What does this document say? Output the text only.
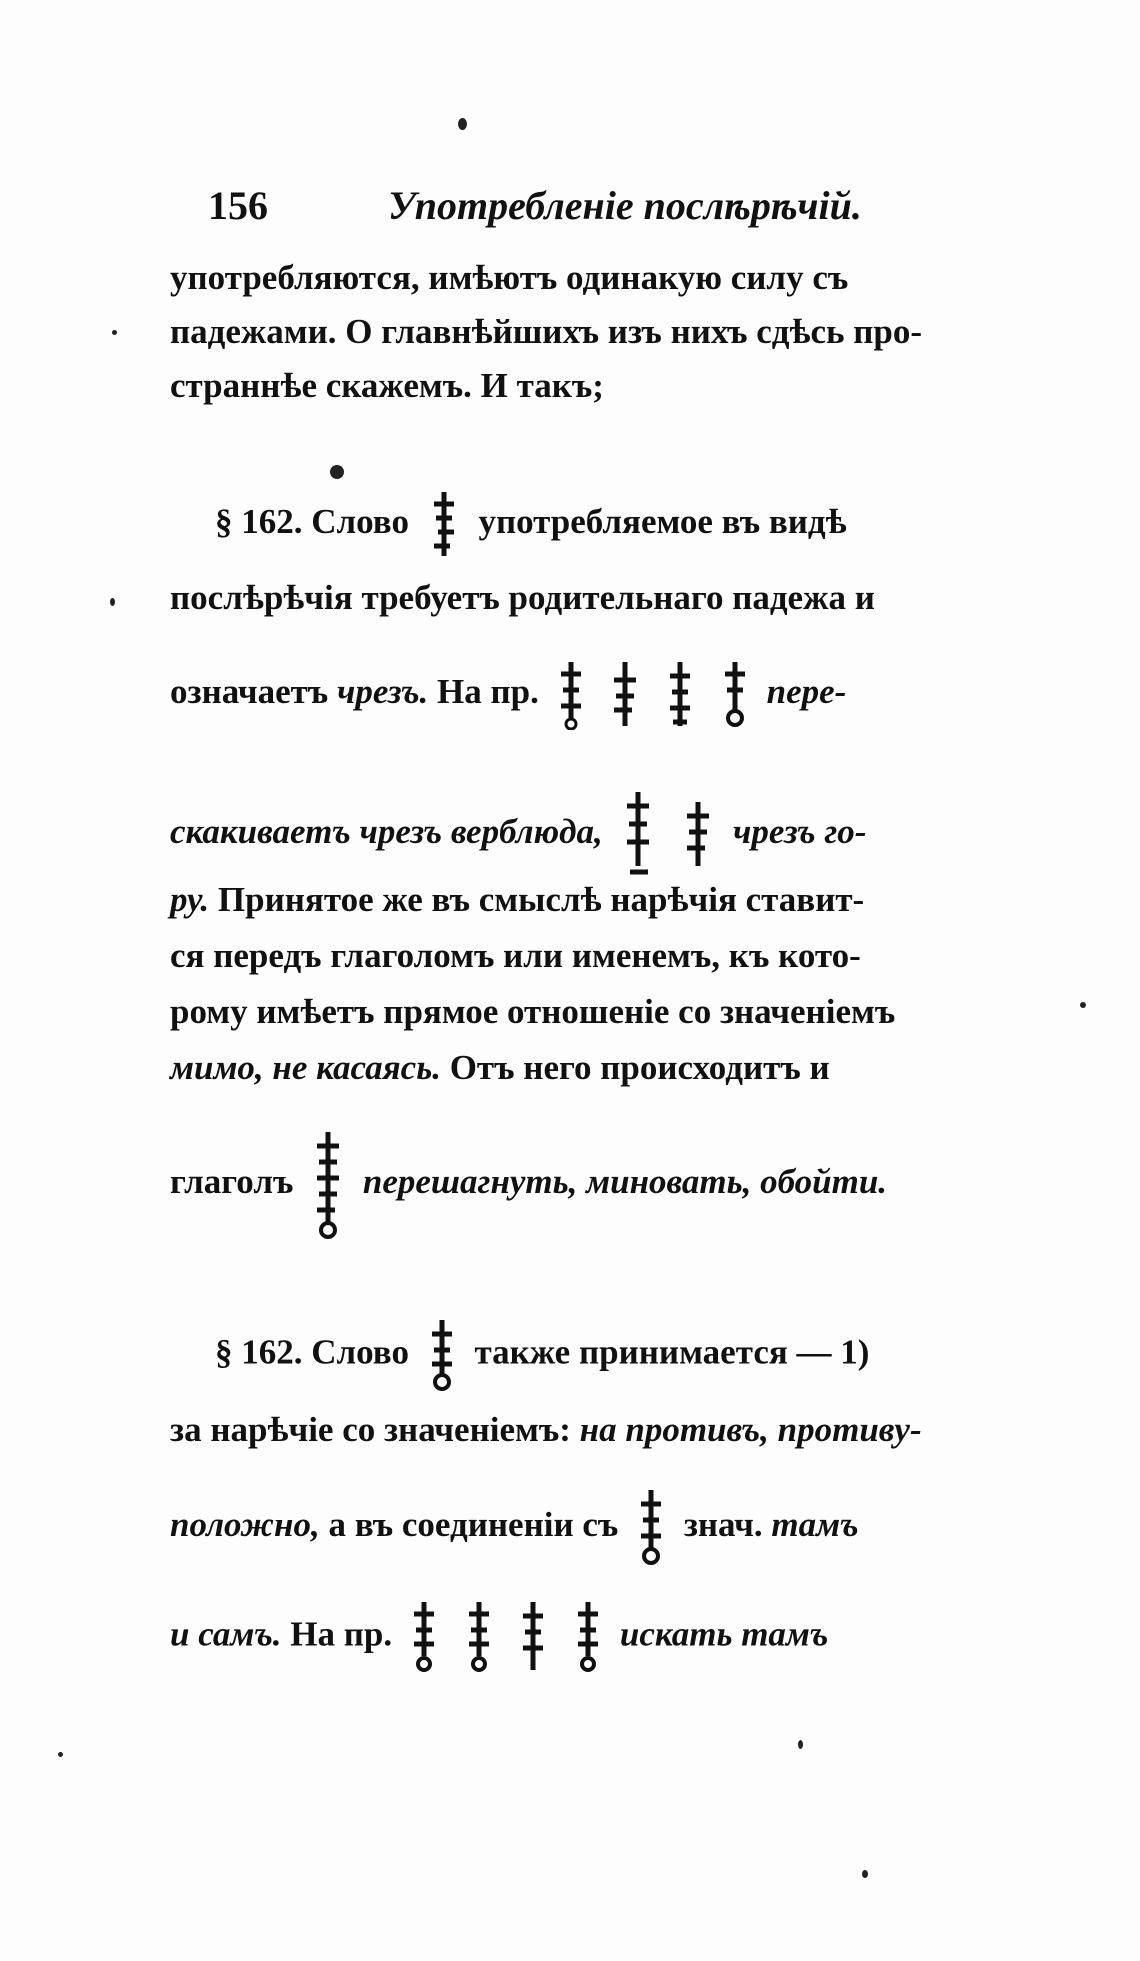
156	Употребленіе послѣрѣчій.
употребляются, имѣютъ одинакую силу съ
падежами. О главнѣйшихъ изъ нихъ сдѣсь про-
страннѣе скажемъ. И такъ;
§ 162. Слово употребляемое въ видѣ
послѣрѣчія требуетъ родительнаго падежа и
означаетъ чрезъ. На пр.

	пере-
скакиваетъ чрезъ верблюда,
	чрезъ го-
ру. Принятое же въ смыслѣ нарѣчія ставит-
ся передъ глаголомъ или именемъ, къ кото-
рому имѣетъ прямое отношеніе со значеніемъ
мимо, не касаясь. Отъ него происходитъ и
глаголъ перешагнуть, миновать, обойти.
§ 162. Слово также принимается — 1)
за нарѣчіе со значеніемъ: на противъ, противу-
положно, а въ соединеніи съ знач. тамъ
и самъ. На пр.

	искать тамъ
